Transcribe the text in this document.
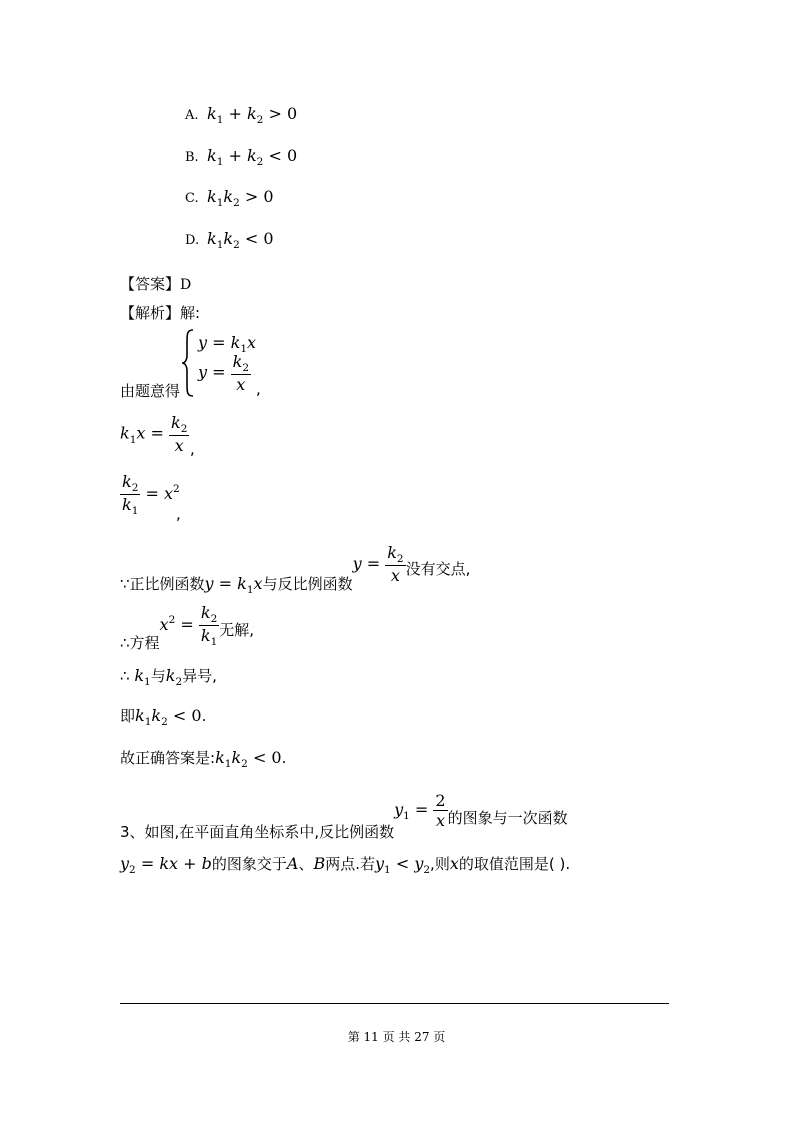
A. $k_1 + k_2 > 0$
B. $k_1 + k_2 < 0$
C. $k_1k_2 > 0$
D. $k_1k_2 < 0$
【答案】D
【解析】解:
由题意得
$y = k_1x$
$y = \frac{k_2}{x}$ ,
$k_1x = \frac{k_2}{x}$ ,
$\frac{k_2}{k_1} = x^2$
,
∵正比例函数$y = k_1x$与反比例函数$y = \frac{k_2}{x}$ 没有交点,
∴方程$x^2 = \frac{k_2}{k_1}$ 无解,
∴ $k_1$与$k_2$异号,
即$k_1k_2 < 0$.
故正确答案是$:k_1k_2 < 0$.
3、如图,在平面直角坐标系中,反比例函数$y_1 = \frac{2}{x}$ 的图象与一次函数
$y_2$ = kx + b的图象交于A、B两点.若$y_1 < y_2$,则x的取值范围是( ).
第 11 页 共 27 页
